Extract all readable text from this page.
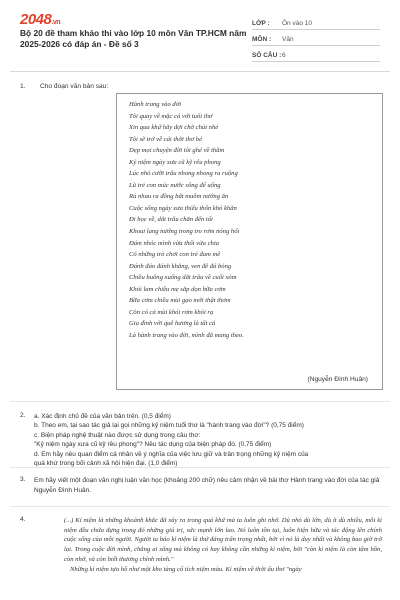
2048.vn
Bộ 20 đề tham khảo thi vào lớp 10 môn Văn TP.HCM năm 2025-2026 có đáp án - Đề số 3
LỚP :	Ôn vào 10
MÔN :	Văn
SỐ CÂU : 6
1. Cho đoạn văn bản sau:
Hành trang vào đời
Tôi quay về mặc cả với tuổi thơ
Xin qua khứ hãy đợi chờ chút nhé
Tôi sẽ trở về cái thời thơ bé
Dẹp mọi chuyện đời tôi ghé về thăm
Kỷ niệm ngày xưa cũ kỹ rêu phong
Lúc nhỏ cưỡi trâu nhong nhong ra ruộng
Lũ trẻ con múc nước sông để uống
Rủ nhau ra đồng bắt muỗm nướng ăn
Cuộc sống ngày xưa thiếu thốn khó khăn
Đi học về, dắt trâu chăn đến tối
Khoai lang nướng trong tro rơm nóng hổi
Đám nhóc mình vừa thổi vừa chia
Có những trò chơi con trẻ đam mê
Đánh đáo đánh khăng, ven đê đá bóng
Chiều buông xuống dắt trâu về cuối xóm
Khói lam chiều mẹ sắp dọn bữa cơm
Bữa cơm chiều mùi gạo mới thật thơm
Còn có cả mùi khói rơm khói rạ
Gia đình với quê hương là tất cả
Là hành trang vào đời, mình đã mang theo.
(Nguyễn Đình Huân)
2. a. Xác định chủ đề của văn bản trên. (0,5 điểm)
b. Theo em, tại sao tác giả lại gọi những kỷ niệm tuổi thơ là "hành trang vào đời"? (0,75 điểm)
c. Biện pháp nghệ thuật nào được sử dụng trong câu thơ:
"Kỷ niệm ngày xưa cũ kỹ rêu phong"? Nêu tác dụng của biện pháp đó. (0,75 điểm)
d. Em hãy nêu quan điểm cá nhân về ý nghĩa của việc lưu giữ và trân trọng những kỷ niệm của
quá khứ trong bối cảnh xã hội hiện đại. (1,0 điểm)
3. Em hãy viết một đoạn văn nghị luận văn học (khoảng 200 chữ) nêu cảm nhận về bài thơ Hành trang vào đời của tác giả Nguyễn Đình Huân.
4.	(...) Kỉ niệm là những khoảnh khắc đã xảy ra trong quá khứ mà ta luôn ghi nhớ. Dù nhỏ dù lớn, dù ít dù nhiều, mỗi kỉ niệm đều chứa đựng trong đó những giá trị, sức mạnh lớn lao. Nó luôn tồn tại, luôn hiện hữu và tác động lên chính cuộc sống của mỗi người. Người ta bảo kỉ niệm là thứ đáng trân trọng nhất, bởi vì nó là duy nhất và không bao giờ trở lại. Trong cuộc đời mình, chẳng ai sống mà không có hay không cần những kỉ niệm, bởi "còn kỉ niệm là còn tâm hồn, còn nhớ, và còn biết thương chính mình."

Những kỉ niệm tựa hồ như một kho tàng cổ tích niệm màu. Kỉ niệm về thời ấu thơ "ngày
